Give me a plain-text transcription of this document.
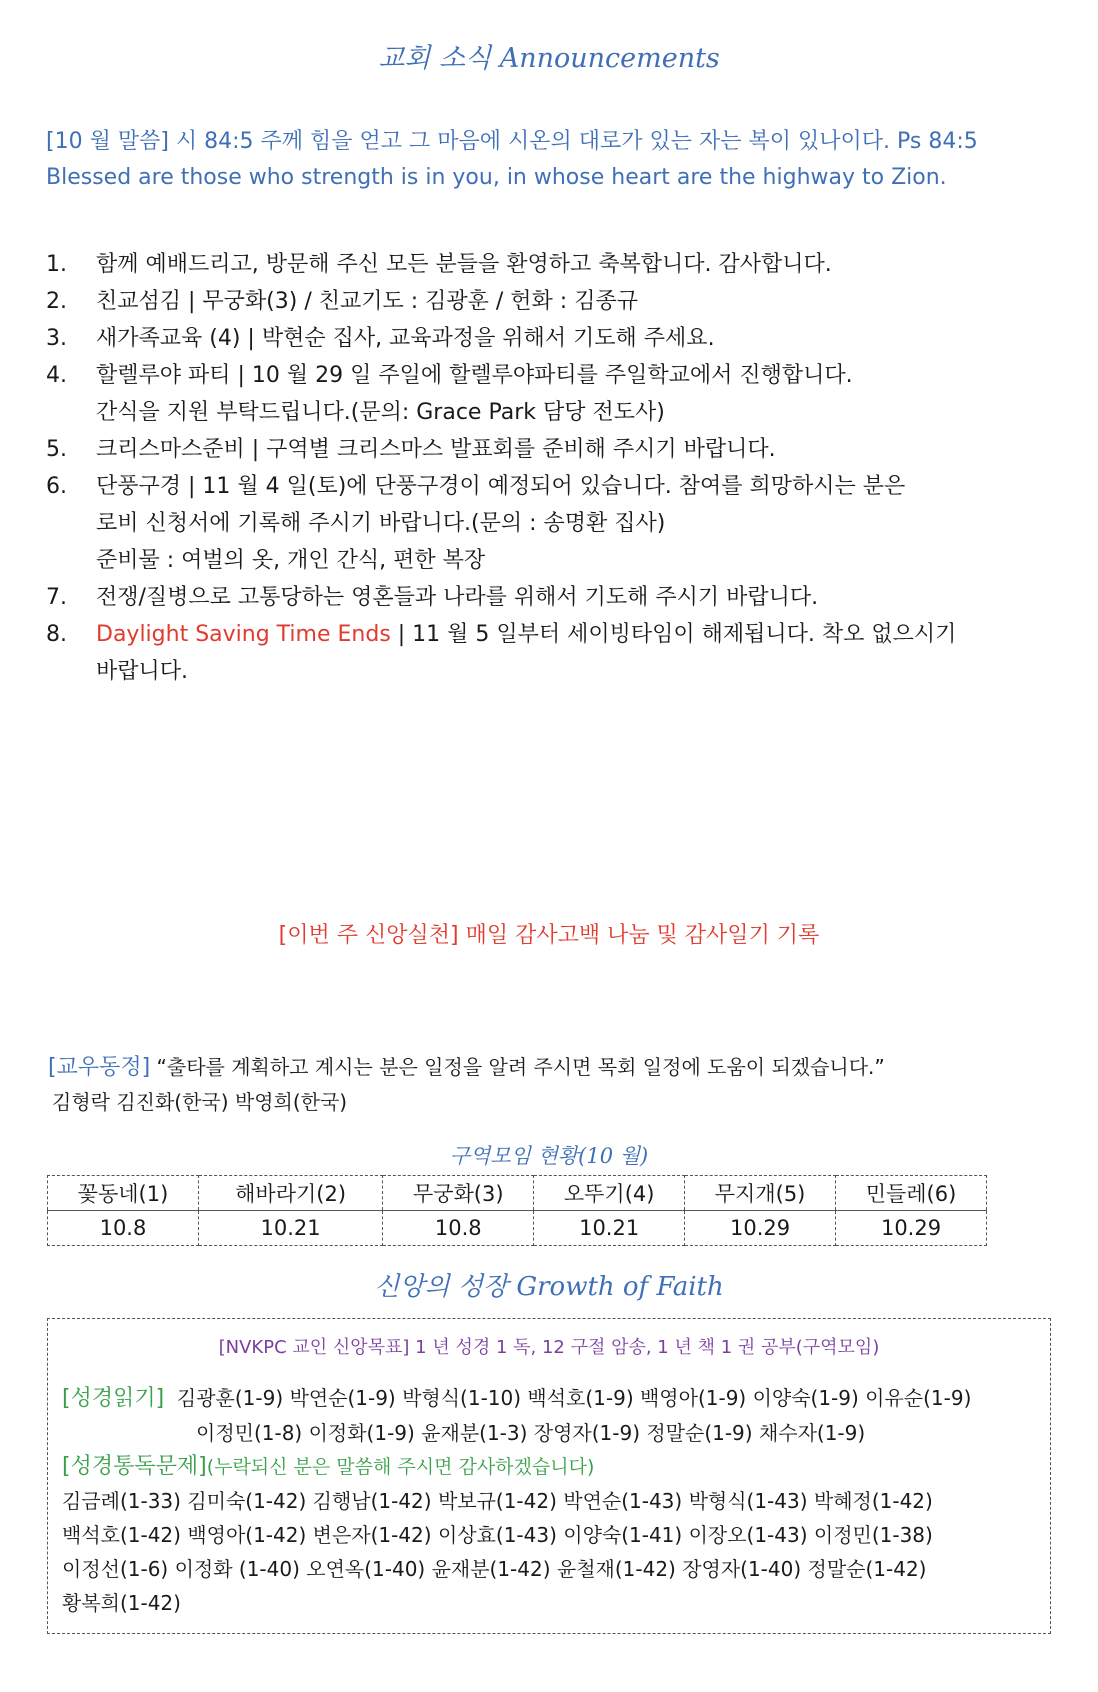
교회 소식 Announcements
[10 월 말씀] 시 84:5 주께 힘을 얻고 그 마음에 시온의 대로가 있는 자는 복이 있나이다. Ps 84:5
Blessed are those who strength is in you, in whose heart are the highway to Zion.
1. 함께 예배드리고, 방문해 주신 모든 분들을 환영하고 축복합니다. 감사합니다.
2. 친교섬김 | 무궁화(3) / 친교기도 : 김광훈 / 헌화 : 김종규
3. 새가족교육 (4) | 박현순 집사, 교육과정을 위해서 기도해 주세요.
4. 할렐루야 파티 | 10 월 29 일 주일에 할렐루야파티를 주일학교에서 진행합니다.
간식을 지원 부탁드립니다.(문의: Grace Park 담당 전도사)
5. 크리스마스준비 | 구역별 크리스마스 발표회를 준비해 주시기 바랍니다.
6. 단풍구경 | 11 월 4 일(토)에 단풍구경이 예정되어 있습니다. 참여를 희망하시는 분은
로비 신청서에 기록해 주시기 바랍니다.(문의 : 송명환 집사)
준비물 : 여벌의 옷, 개인 간식, 편한 복장
7. 전쟁/질병으로 고통당하는 영혼들과 나라를 위해서 기도해 주시기 바랍니다.
8. Daylight Saving Time Ends | 11 월 5 일부터 세이빙타임이 해제됩니다. 착오 없으시기
바랍니다.
[이번 주 신앙실천] 매일 감사고백 나눔 및 감사일기 기록
[교우동정] “출타를 계획하고 계시는 분은 일정을 알려 주시면 목회 일정에 도움이 되겠습니다.”
김형락 김진화(한국) 박영희(한국)
구역모임 현황(10 월)
꽃동네(1)	해바라기(2)	무궁화(3)	오뚜기(4)	무지개(5)	민들레(6)
10.8	10.21	10.8	10.21	10.29	10.29
신앙의 성장 Growth of Faith
[NVKPC 교인 신앙목표] 1 년 성경 1 독, 12 구절 암송, 1 년 책 1 권 공부(구역모임)
[성경읽기] 김광훈(1-9) 박연순(1-9) 박형식(1-10) 백석호(1-9) 백영아(1-9) 이양숙(1-9) 이유순(1-9)
이정민(1-8) 이정화(1-9) 윤재분(1-3) 장영자(1-9) 정말순(1-9) 채수자(1-9)
[성경통독문제](누락되신 분은 말씀해 주시면 감사하겠습니다)
김금례(1-33) 김미숙(1-42) 김행남(1-42) 박보규(1-42) 박연순(1-43) 박형식(1-43) 박혜정(1-42)
백석호(1-42) 백영아(1-42) 변은자(1-42) 이상효(1-43) 이양숙(1-41) 이장오(1-43) 이정민(1-38)
이정선(1-6) 이정화 (1-40) 오연옥(1-40) 윤재분(1-42) 윤철재(1-42) 장영자(1-40) 정말순(1-42)
황복희(1-42)
